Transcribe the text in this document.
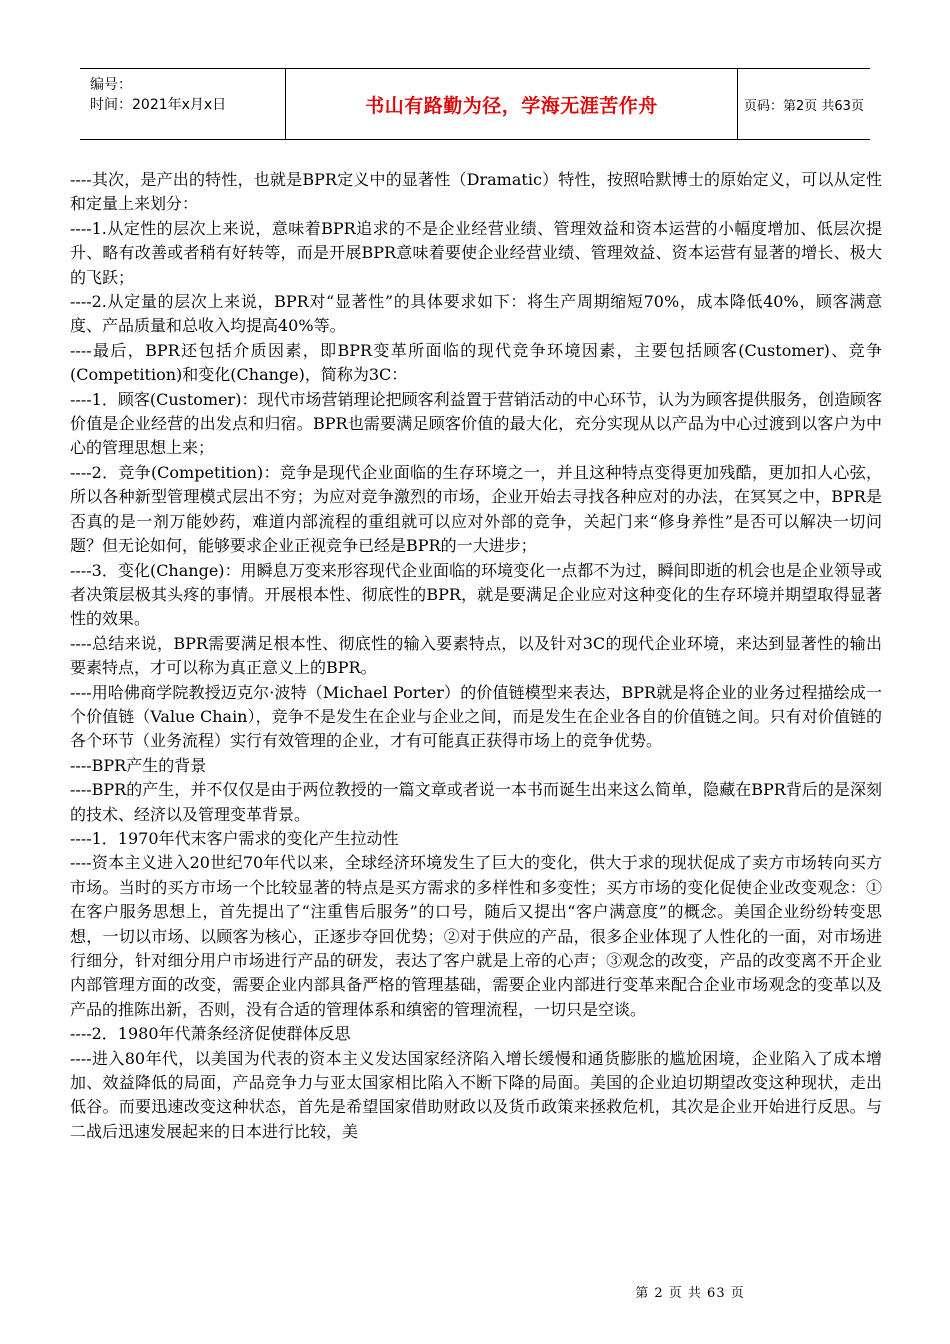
编号：
时间：2021年x月x日	书山有路勤为径，学海无涯苦作舟	页码：第2页 共63页

----其次，是产出的特性，也就是BPR定义中的显著性（Dramatic）特性，按照哈默博士的原始定义，可以从定性和定量上来划分：

----1.从定性的层次上来说，意味着BPR追求的不是企业经营业绩、管理效益和资本运营的小幅度增加、低层次提升、略有改善或者稍有好转等，而是开展BPR意味着要使企业经营业绩、管理效益、资本运营有显著的增长、极大的飞跃；

----2.从定量的层次上来说，BPR对“显著性”的具体要求如下：将生产周期缩短70%，成本降低40%，顾客满意度、产品质量和总收入均提高40%等。

----最后，BPR还包括介质因素，即BPR变革所面临的现代竞争环境因素，主要包括顾客(Customer)、竞争(Competition)和变化(Change)，简称为3C：

----1．顾客(Customer)：现代市场营销理论把顾客利益置于营销活动的中心环节，认为为顾客提供服务，创造顾客价值是企业经营的出发点和归宿。BPR也需要满足顾客价值的最大化，充分实现从以产品为中心过渡到以客户为中心的管理思想上来；

----2．竞争(Competition)：竞争是现代企业面临的生存环境之一，并且这种特点变得更加残酷，更加扣人心弦，所以各种新型管理模式层出不穷；为应对竞争激烈的市场，企业开始去寻找各种应对的办法，在冥冥之中，BPR是否真的是一剂万能妙药，难道内部流程的重组就可以应对外部的竞争，关起门来“修身养性”是否可以解决一切问题？但无论如何，能够要求企业正视竞争已经是BPR的一大进步；

----3．变化(Change)：用瞬息万变来形容现代企业面临的环境变化一点都不为过，瞬间即逝的机会也是企业领导或者决策层极其头疼的事情。开展根本性、彻底性的BPR，就是要满足企业应对这种变化的生存环境并期望取得显著性的效果。

----总结来说，BPR需要满足根本性、彻底性的输入要素特点，以及针对3C的现代企业环境，来达到显著性的输出要素特点，才可以称为真正意义上的BPR。

----用哈佛商学院教授迈克尔·波特（Michael Porter）的价值链模型来表达，BPR就是将企业的业务过程描绘成一个价值链（Value Chain），竞争不是发生在企业与企业之间，而是发生在企业各自的价值链之间。只有对价值链的各个环节（业务流程）实行有效管理的企业，才有可能真正获得市场上的竞争优势。

----BPR产生的背景

----BPR的产生，并不仅仅是由于两位教授的一篇文章或者说一本书而诞生出来这么简单，隐藏在BPR背后的是深刻的技术、经济以及管理变革背景。

----1．1970年代末客户需求的变化产生拉动性

----资本主义进入20世纪70年代以来，全球经济环境发生了巨大的变化，供大于求的现状促成了卖方市场转向买方市场。当时的买方市场一个比较显著的特点是买方需求的多样性和多变性；买方市场的变化促使企业改变观念：①在客户服务思想上，首先提出了“注重售后服务”的口号，随后又提出“客户满意度”的概念。美国企业纷纷转变思想，一切以市场、以顾客为核心，正逐步夺回优势；②对于供应的产品，很多企业体现了人性化的一面，对市场进行细分，针对细分用户市场进行产品的研发，表达了客户就是上帝的心声；③观念的改变，产品的改变离不开企业内部管理方面的改变，需要企业内部具备严格的管理基础，需要企业内部进行变革来配合企业市场观念的变革以及产品的推陈出新，否则，没有合适的管理体系和缜密的管理流程，一切只是空谈。

----2．1980年代萧条经济促使群体反思

----进入80年代，以美国为代表的资本主义发达国家经济陷入增长缓慢和通货膨胀的尴尬困境，企业陷入了成本增加、效益降低的局面，产品竞争力与亚太国家相比陷入不断下降的局面。美国的企业迫切期望改变这种现状，走出低谷。而要迅速改变这种状态，首先是希望国家借助财政以及货币政策来拯救危机，其次是企业开始进行反思。与二战后迅速发展起来的日本进行比较，美

第 2 页 共 63 页
